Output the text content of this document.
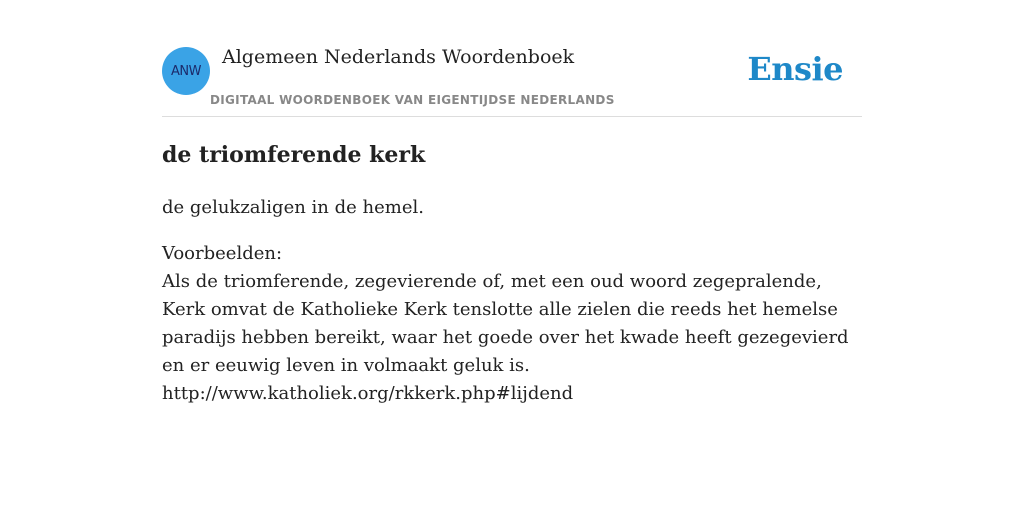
ANW
Algemeen Nederlands Woordenboek
DIGITAAL WOORDENBOEK VAN EIGENTIJDSE NEDERLANDS
Ensie
de triomferende kerk

de gelukzaligen in de hemel.

Voorbeelden:
Als de triomferende, zegevierende of, met een oud woord zegepralende, Kerk omvat de Katholieke Kerk tenslotte alle zielen die reeds het hemelse paradijs hebben bereikt, waar het goede over het kwade heeft gezegevierd en er eeuwig leven in volmaakt geluk is.
http://www.katholiek.org/rkkerk.php#lijdend
